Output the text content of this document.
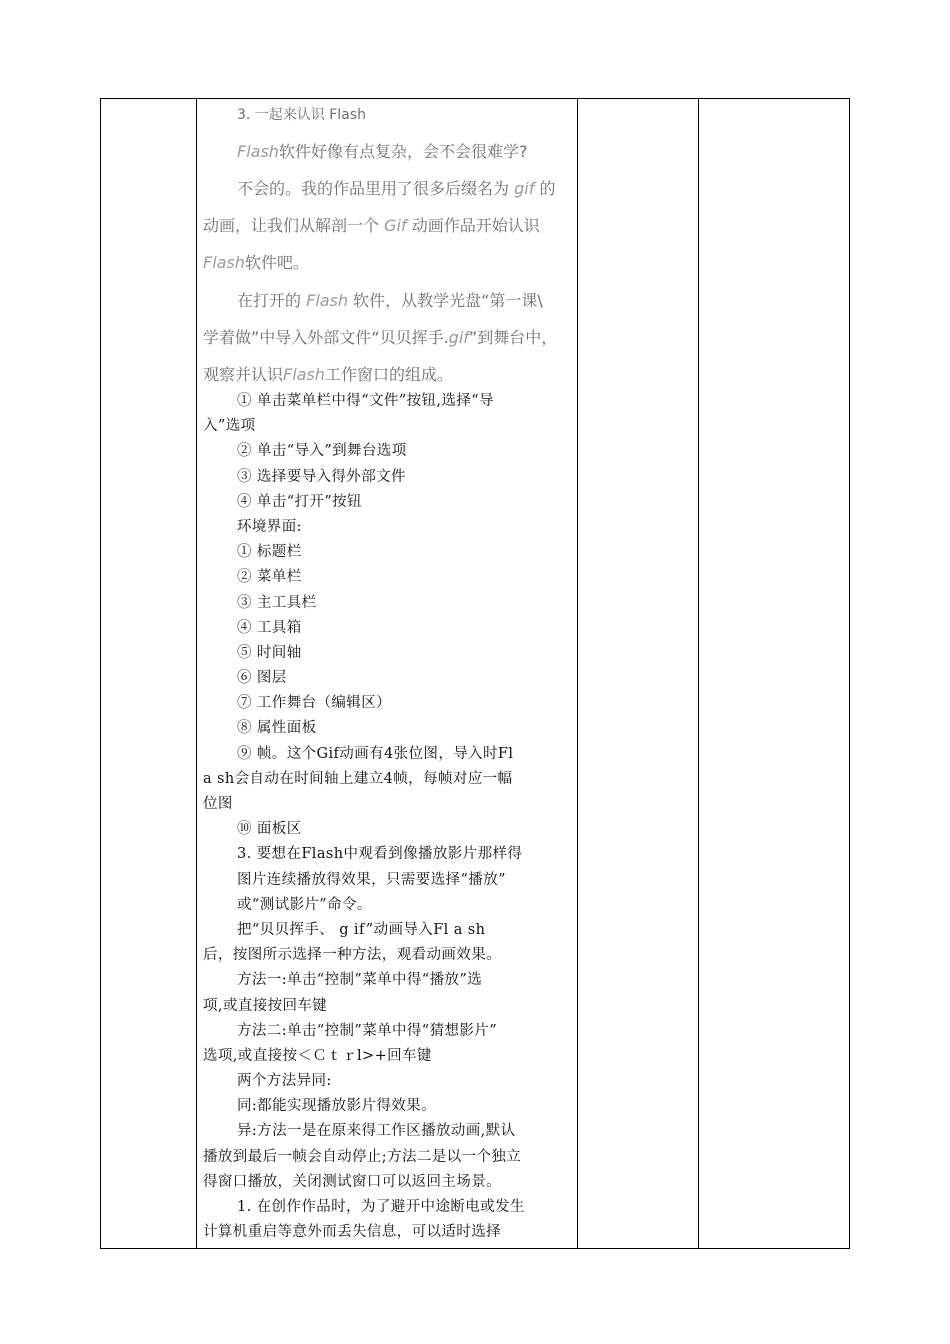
3. 一起来认识 Flash

Flash软件好像有点复杂，会不会很难学?

不会的。我的作品里用了很多后缀名为 gif 的

动画，让我们从解剖一个 Gif 动画作品开始认识

Flash软件吧。

在打开的 Flash 软件，从教学光盘“第一课\

学着做”中导入外部文件“贝贝挥手.gif”到舞台中，

观察并认识Flash工作窗口的组成。

① 单击菜单栏中得“文件”按钮,选择“导

入”选项

② 单击“导入”到舞台选项

③ 选择要导入得外部文件

④ 单击“打开”按钮

环境界面:

① 标题栏

② 菜单栏

③ 主工具栏

④ 工具箱

⑤ 时间轴

⑥ 图层

⑦ 工作舞台（编辑区）

⑧ 属性面板

⑨ 帧。这个Gif动画有4张位图，导入时Fl

a sh会自动在时间轴上建立4帧，每帧对应一幅

位图

⑩ 面板区

3. 要想在Flash中观看到像播放影片那样得

图片连续播放得效果，只需要选择“播放”

或“测试影片”命令。

把“贝贝挥手、 g if”动画导入Fl a sh

后，按图所示选择一种方法，观看动画效果。

方法一:单击“控制”菜单中得“播放”选

项,或直接按回车键

方法二:单击“控制”菜单中得“猜想影片”

选项,或直接按＜Ｃｔｒl>+回车键

两个方法异同:

同:都能实现播放影片得效果。

异:方法一是在原来得工作区播放动画,默认

播放到最后一帧会自动停止;方法二是以一个独立

得窗口播放，关闭测试窗口可以返回主场景。

1. 在创作作品时，为了避开中途断电或发生

计算机重启等意外而丢失信息，可以适时选择
